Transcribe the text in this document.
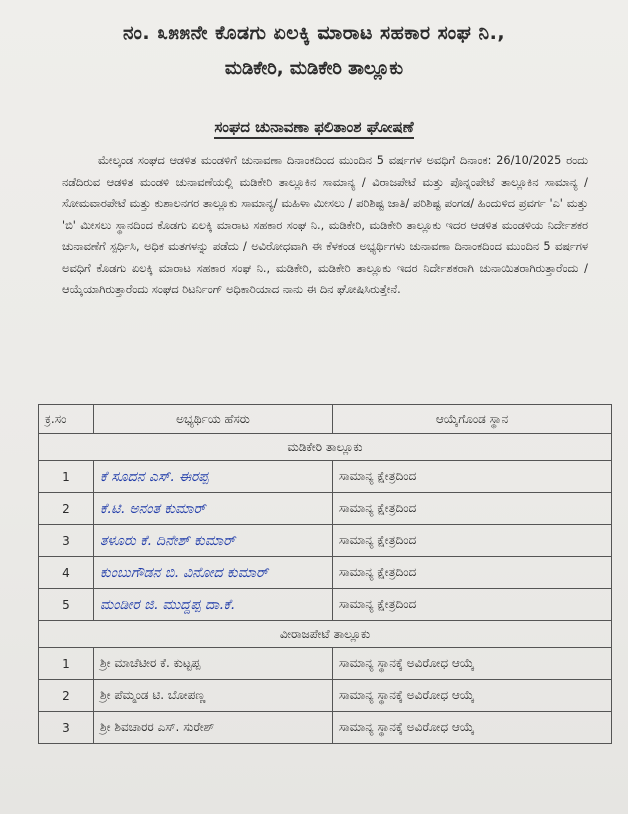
ನಂ. ೩೫೫ನೇ ಕೊಡಗು ಏಲಕ್ಕಿ ಮಾರಾಟ ಸಹಕಾರ ಸಂಘ ನಿ.,
ಮಡಿಕೇರಿ, ಮಡಿಕೇರಿ ತಾಲ್ಲೂಕು
ಸಂಘದ ಚುನಾವಣಾ ಫಲಿತಾಂಶ ಘೋಷಣೆ
ಮೇಲ್ಕಂಡ ಸಂಘದ ಆಡಳಿತ ಮಂಡಳಿಗೆ ಚುನಾವಣಾ ದಿನಾಂಕದಿಂದ ಮುಂದಿನ 5 ವರ್ಷಗಳ ಅವಧಿಗೆ ದಿನಾಂಕ: 26/10/2025 ರಂದು ನಡೆದಿರುವ ಆಡಳಿತ ಮಂಡಳಿ ಚುನಾವಣೆಯಲ್ಲಿ ಮಡಿಕೇರಿ ತಾಲ್ಲೂಕಿನ ಸಾಮಾನ್ಯ / ವಿರಾಜಪೇಟೆ ಮತ್ತು ಪೊನ್ನಂಪೇಟೆ ತಾಲ್ಲೂಕಿನ ಸಾಮಾನ್ಯ / ಸೋಮವಾರಪೇಟೆ ಮತ್ತು ಕುಶಾಲನಗರ ತಾಲ್ಲೂಕು ಸಾಮಾನ್ಯ/ ಮಹಿಳಾ ಮೀಸಲು / ಪರಿಶಿಷ್ಟ ಜಾತಿ/ ಪರಿಶಿಷ್ಟ ಪಂಗಡ/ ಹಿಂದುಳಿದ ಪ್ರವರ್ಗ 'ಎ' ಮತ್ತು 'ಬಿ' ಮೀಸಲು ಸ್ಥಾನದಿಂದ ಕೊಡಗು ಏಲಕ್ಕಿ ಮಾರಾಟ ಸಹಕಾರ ಸಂಘ ನಿ., ಮಡಿಕೇರಿ, ಮಡಿಕೇರಿ ತಾಲ್ಲೂಕು ಇದರ ಆಡಳಿತ ಮಂಡಳಿಯ ನಿರ್ದೇಶಕರ ಚುನಾವಣೆಗೆ ಸ್ಪರ್ಧಿಸಿ, ಅಧಿಕ ಮತಗಳನ್ನು ಪಡೆದು / ಅವಿರೋಧವಾಗಿ ಈ ಕೆಳಕಂಡ ಅಭ್ಯರ್ಥಿಗಳು ಚುನಾವಣಾ ದಿನಾಂಕದಿಂದ ಮುಂದಿನ 5 ವರ್ಷಗಳ ಅವಧಿಗೆ ಕೊಡಗು ಏಲಕ್ಕಿ ಮಾರಾಟ ಸಹಕಾರ ಸಂಘ ನಿ., ಮಡಿಕೇರಿ, ಮಡಿಕೇರಿ ತಾಲ್ಲೂಕು ಇದರ ನಿರ್ದೇಶಕರಾಗಿ ಚುನಾಯಿತರಾಗಿರುತ್ತಾರೆಂದು / ಆಯ್ಕೆಯಾಗಿರುತ್ತಾರೆಂದು ಸಂಘದ ರಿಟರ್ನಿಂಗ್ ಅಧಿಕಾರಿಯಾದ ನಾನು ಈ ದಿನ ಘೋಷಿಸಿರುತ್ತೇನೆ.
ಕ್ರ.ಸಂ	ಅಭ್ಯರ್ಥಿಯ ಹೆಸರು	ಆಯ್ಕೆಗೊಂಡ ಸ್ಥಾನ
ಮಡಿಕೇರಿ ತಾಲ್ಲೂಕು		
1	ಕೆ ಸೂದನ ಎಸ್. ಈರಪ್ಪ	ಸಾಮಾನ್ಯ ಕ್ಷೇತ್ರದಿಂದ
2	ಕೆ.ಟಿ. ಅನಂತ ಕುಮಾರ್	ಸಾಮಾನ್ಯ ಕ್ಷೇತ್ರದಿಂದ
3	ತಳೂರು ಕೆ. ದಿನೇಶ್ ಕುಮಾರ್	ಸಾಮಾನ್ಯ ಕ್ಷೇತ್ರದಿಂದ
4	ಕುಂಬುಗೌಡನ ಬಿ. ವಿನೋದ ಕುಮಾರ್	ಸಾಮಾನ್ಯ ಕ್ಷೇತ್ರದಿಂದ
5	ಮಂಡೀರ ಜಿ. ಮುದ್ದಪ್ಪ ದಾ.ಕೆ.	ಸಾಮಾನ್ಯ ಕ್ಷೇತ್ರದಿಂದ
ವೀರಾಜಪೇಟೆ ತಾಲ್ಲೂಕು		
1	ಶ್ರೀ ಮಾಚೆಟೀರ ಕೆ. ಕುಟ್ಟಪ್ಪ	ಸಾಮಾನ್ಯ ಸ್ಥಾನಕ್ಕೆ ಅವಿರೋಧ ಆಯ್ಕೆ
2	ಶ್ರೀ ಪೆಮ್ಮಂಡ ಟಿ. ಬೋಪಣ್ಣ	ಸಾಮಾನ್ಯ ಸ್ಥಾನಕ್ಕೆ ಅವಿರೋಧ ಆಯ್ಕೆ
3	ಶ್ರೀ ಶಿವಚಾರರ ಎಸ್. ಸುರೇಶ್	ಸಾಮಾನ್ಯ ಸ್ಥಾನಕ್ಕೆ ಅವಿರೋಧ ಆಯ್ಕೆ
